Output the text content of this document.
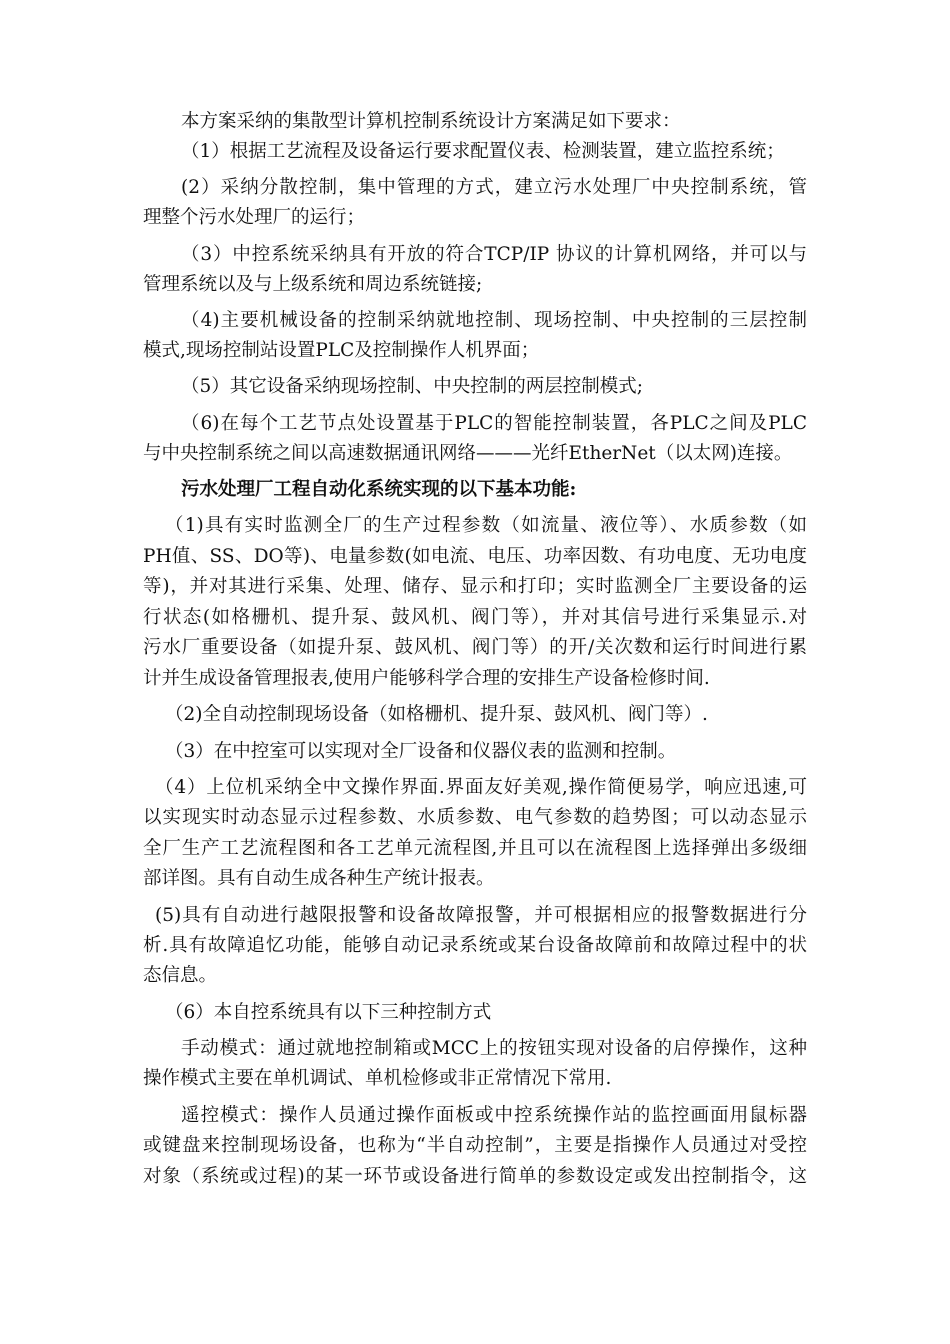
本方案采纳的集散型计算机控制系统设计方案满足如下要求：
（1）根据工艺流程及设备运行要求配置仪表、检测装置，建立监控系统；
(2）采纳分散控制，集中管理的方式，建立污水处理厂中央控制系统，管
理整个污水处理厂的运行；
（3）中控系统采纳具有开放的符合TCP/IP 协议的计算机网络，并可以与
管理系统以及与上级系统和周边系统链接;
（4)主要机械设备的控制采纳就地控制、现场控制、中央控制的三层控制
模式,现场控制站设置PLC及控制操作人机界面；
（5）其它设备采纳现场控制、中央控制的两层控制模式;
（6)在每个工艺节点处设置基于PLC的智能控制装置，各PLC之间及PLC
与中央控制系统之间以高速数据通讯网络———光纤EtherNet（以太网)连接。
污水处理厂工程自动化系统实现的以下基本功能:
（1)具有实时监测全厂的生产过程参数（如流量、液位等）、水质参数（如
PH值、SS、DO等)、电量参数(如电流、电压、功率因数、有功电度、无功电度
等)，并对其进行采集、处理、储存、显示和打印；实时监测全厂主要设备的运
行状态(如格栅机、提升泵、鼓风机、阀门等），并对其信号进行采集显示.对
污水厂重要设备（如提升泵、鼓风机、阀门等）的开/关次数和运行时间进行累
计并生成设备管理报表,使用户能够科学合理的安排生产设备检修时间.
（2)全自动控制现场设备（如格栅机、提升泵、鼓风机、阀门等）.
（3）在中控室可以实现对全厂设备和仪器仪表的监测和控制。
（4）上位机采纳全中文操作界面.界面友好美观,操作简便易学，响应迅速,可
以实现实时动态显示过程参数、水质参数、电气参数的趋势图；可以动态显示
全厂生产工艺流程图和各工艺单元流程图,并且可以在流程图上选择弹出多级细
部详图。具有自动生成各种生产统计报表。
(5)具有自动进行越限报警和设备故障报警，并可根据相应的报警数据进行分
析.具有故障追忆功能，能够自动记录系统或某台设备故障前和故障过程中的状
态信息。
（6）本自控系统具有以下三种控制方式
手动模式：通过就地控制箱或MCC上的按钮实现对设备的启停操作，这种
操作模式主要在单机调试、单机检修或非正常情况下常用.
遥控模式：操作人员通过操作面板或中控系统操作站的监控画面用鼠标器
或键盘来控制现场设备，也称为“半自动控制”，主要是指操作人员通过对受控
对象（系统或过程)的某一环节或设备进行简单的参数设定或发出控制指令，这
